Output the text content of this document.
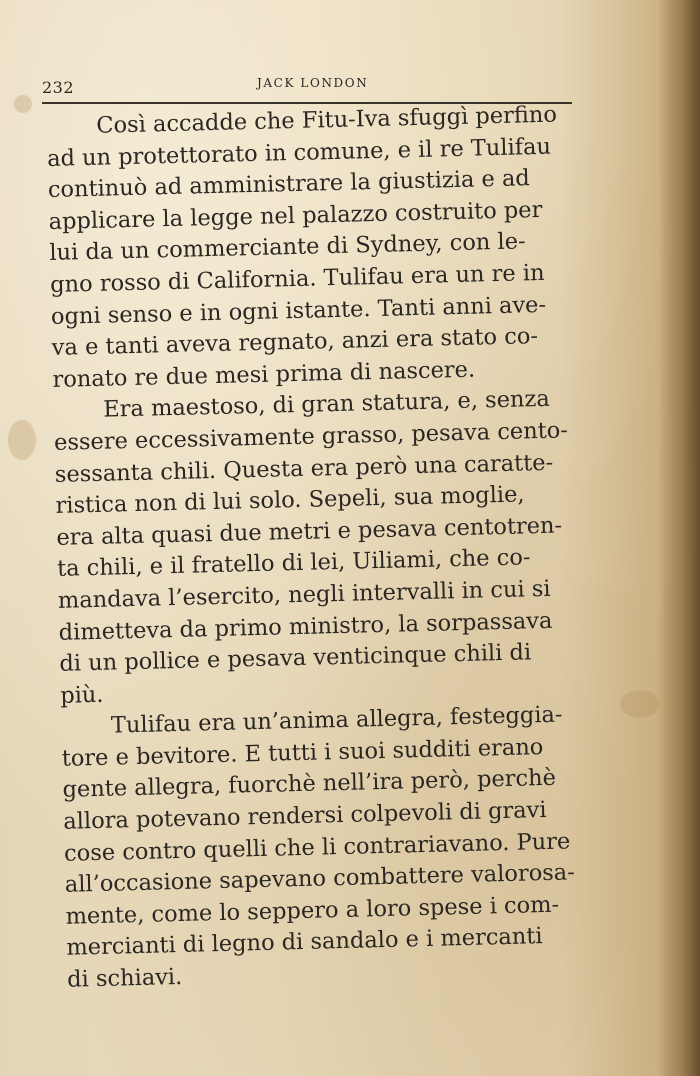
232	JACK LONDON
Così accadde che Fitu-Iva sfuggì perfino
ad un protettorato in comune, e il re Tulifau
continuò ad amministrare la giustizia e ad
applicare la legge nel palazzo costruito per
lui da un commerciante di Sydney, con le-
gno rosso di California. Tulifau era un re in
ogni senso e in ogni istante. Tanti anni ave-
va e tanti aveva regnato, anzi era stato co-
ronato re due mesi prima di nascere.
Era maestoso, di gran statura, e, senza
essere eccessivamente grasso, pesava cento-
sessanta chili. Questa era però una caratte-
ristica non di lui solo. Sepeli, sua moglie,
era alta quasi due metri e pesava centotren-
ta chili, e il fratello di lei, Uiliami, che co-
mandava l’esercito, negli intervalli in cui si
dimetteva da primo ministro, la sorpassava
di un pollice e pesava venticinque chili di
più.
Tulifau era un’anima allegra, festeggia-
tore e bevitore. E tutti i suoi sudditi erano
gente allegra, fuorchè nell’ira però, perchè
allora potevano rendersi colpevoli di gravi
cose contro quelli che li contrariavano. Pure
all’occasione sapevano combattere valorosa-
mente, come lo seppero a loro spese i com-
mercianti di legno di sandalo e i mercanti
di schiavi.
